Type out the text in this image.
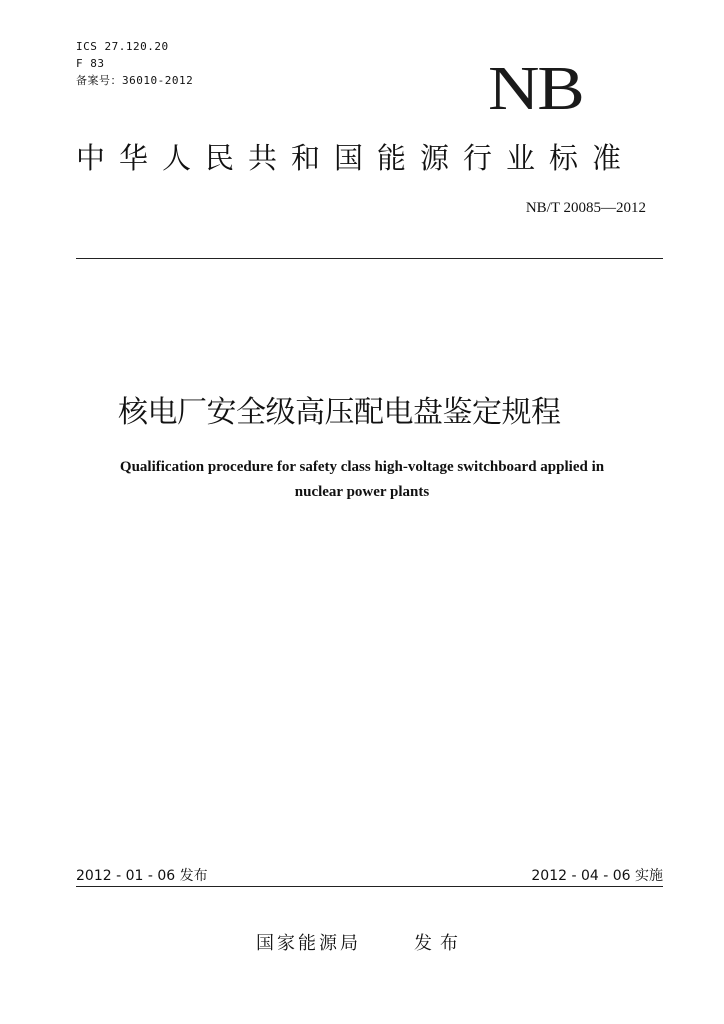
ICS 27.120.20
F 83
备案号：36010-2012	NB
中华人民共和国能源行业标准
NB/T 20085—2012
核电厂安全级高压配电盘鉴定规程
Qualification procedure for safety class high-voltage switchboard applied in
nuclear power plants
2012 - 01 - 06 发布	2012 - 04 - 06 实施
国家能源局	发布
